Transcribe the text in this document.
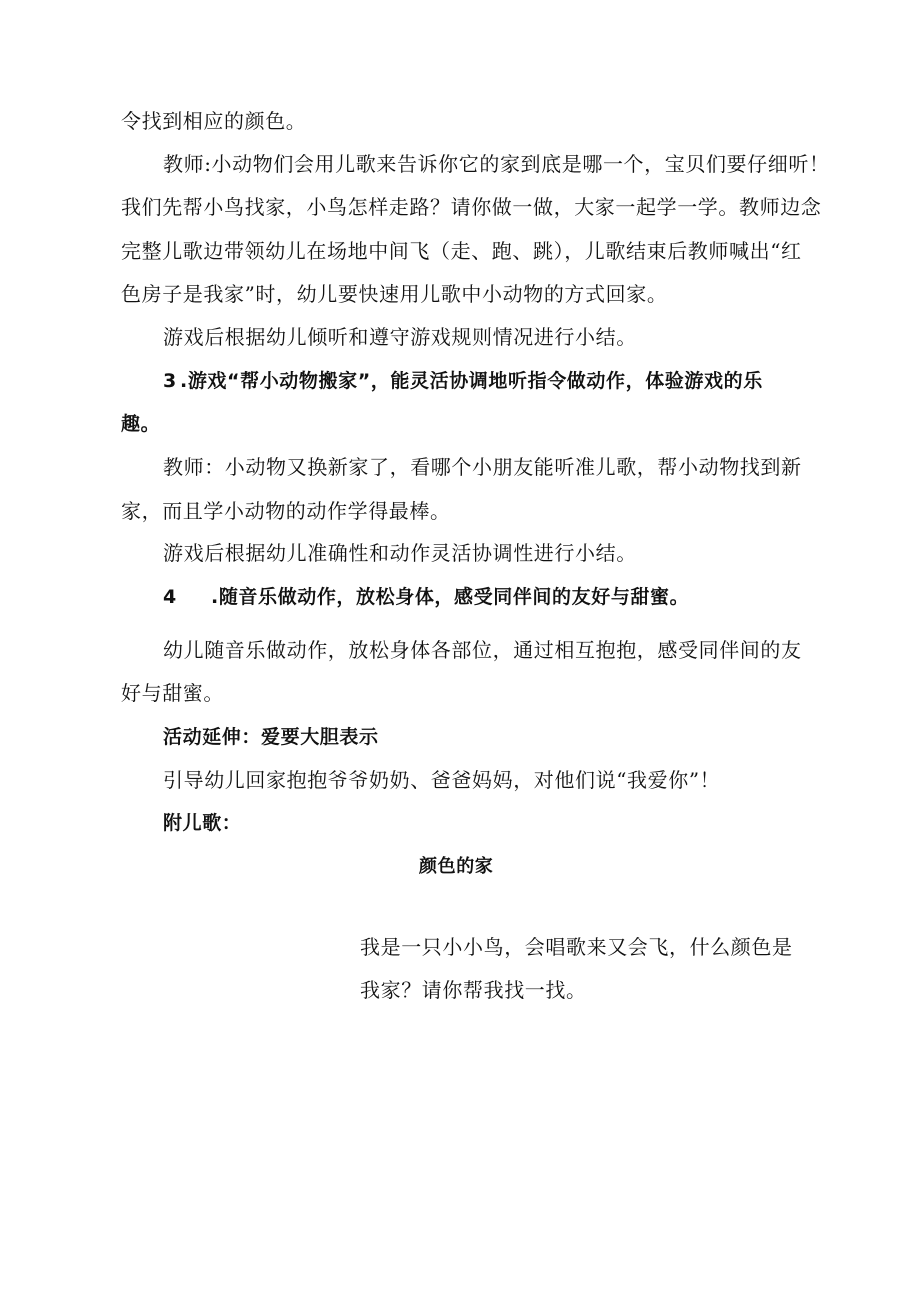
令找到相应的颜色。
教师:小动物们会用儿歌来告诉你它的家到底是哪一个，宝贝们要仔细听！
我们先帮小鸟找家，小鸟怎样走路？请你做一做，大家一起学一学。教师边念
完整儿歌边带领幼儿在场地中间飞（走、跑、跳），儿歌结束后教师喊出“红
色房子是我家”时，幼儿要快速用儿歌中小动物的方式回家。
游戏后根据幼儿倾听和遵守游戏规则情况进行小结。
3 .游戏“帮小动物搬家”，能灵活协调地听指令做动作，体验游戏的乐
趣。
教师：小动物又换新家了，看哪个小朋友能听准儿歌，帮小动物找到新
家，而且学小动物的动作学得最棒。
游戏后根据幼儿准确性和动作灵活协调性进行小结。
4 .随音乐做动作，放松身体，感受同伴间的友好与甜蜜。
幼儿随音乐做动作，放松身体各部位，通过相互抱抱，感受同伴间的友
好与甜蜜。
活动延伸：爱要大胆表示
引导幼儿回家抱抱爷爷奶奶、爸爸妈妈，对他们说“我爱你”！
附儿歌：
颜色的家
我是一只小小鸟，会唱歌来又会飞，什么颜色是
我家？请你帮我找一找。
